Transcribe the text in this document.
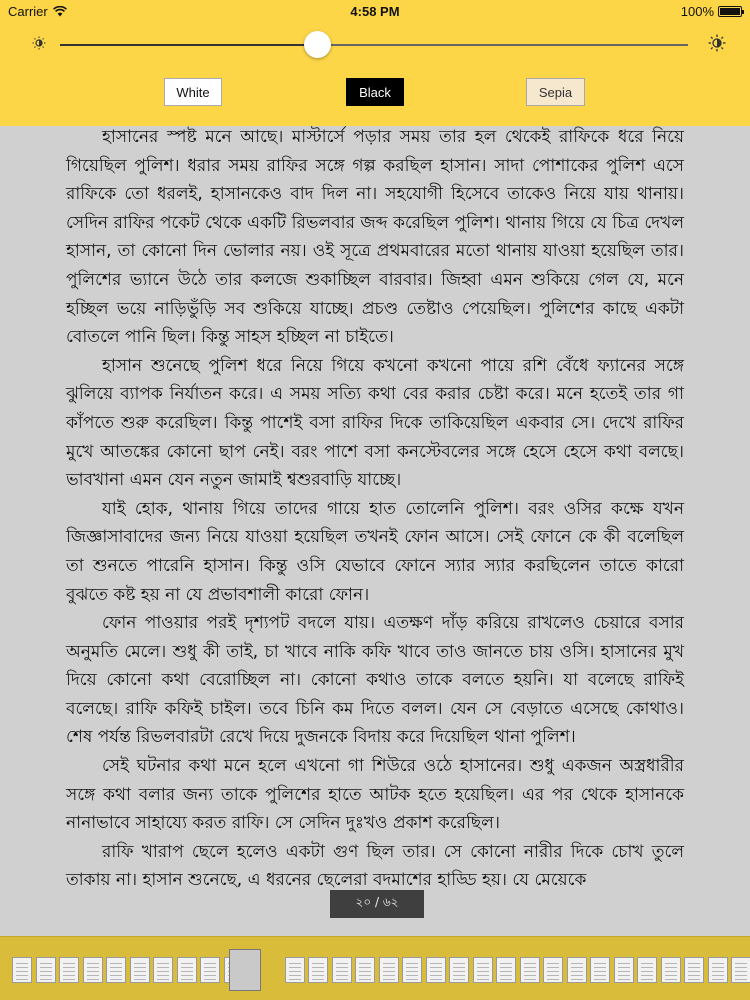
Carrier	4:58 PM	100%
White	Black	Sepia

হাসানের স্পষ্ট মনে আছে। মাস্টার্সে পড়ার সময় তার হল থেকেই রাফিকে ধরে নিয়ে গিয়েছিল পুলিশ। ধরার সময় রাফির সঙ্গে গল্প করছিল হাসান। সাদা পোশাকের পুলিশ এসে রাফিকে তো ধরলই, হাসানকেও বাদ দিল না। সহযোগী হিসেবে তাকেও নিয়ে যায় থানায়। সেদিন রাফির পকেট থেকে একটি রিভলবার জব্দ করেছিল পুলিশ। থানায় গিয়ে যে চিত্র দেখল হাসান, তা কোনো দিন ভোলার নয়। ওই সূত্রে প্রথমবারের মতো থানায় যাওয়া হয়েছিল তার। পুলিশের ভ্যানে উঠে তার কলজে শুকাচ্ছিল বারবার। জিহ্বা এমন শুকিয়ে গেল যে, মনে হচ্ছিল ভয়ে নাড়িভুঁড়ি সব শুকিয়ে যাচ্ছে। প্রচণ্ড তেষ্টাও পেয়েছিল। পুলিশের কাছে একটা বোতলে পানি ছিল। কিন্তু সাহস হচ্ছিল না চাইতে।

হাসান শুনেছে পুলিশ ধরে নিয়ে গিয়ে কখনো কখনো পায়ে রশি বেঁধে ফ্যানের সঙ্গে ঝুলিয়ে ব্যাপক নির্যাতন করে। এ সময় সত্যি কথা বের করার চেষ্টা করে। মনে হতেই তার গা কাঁপতে শুরু করেছিল। কিন্তু পাশেই বসা রাফির দিকে তাকিয়েছিল একবার সে। দেখে রাফির মুখে আতঙ্কের কোনো ছাপ নেই। বরং পাশে বসা কনস্টেবলের সঙ্গে হেসে হেসে কথা বলছে। ভাবখানা এমন যেন নতুন জামাই শ্বশুরবাড়ি যাচ্ছে।

যাই হোক, থানায় গিয়ে তাদের গায়ে হাত তোলেনি পুলিশ। বরং ওসির কক্ষে যখন জিজ্ঞাসাবাদের জন্য নিয়ে যাওয়া হয়েছিল তখনই ফোন আসে। সেই ফোনে কে কী বলেছিল তা শুনতে পারেনি হাসান। কিন্তু ওসি যেভাবে ফোনে স্যার স্যার করছিলেন তাতে কারো বুঝতে কষ্ট হয় না যে প্রভাবশালী কারো ফোন।

ফোন পাওয়ার পরই দৃশ্যপট বদলে যায়। এতক্ষণ দাঁড় করিয়ে রাখলেও চেয়ারে বসার অনুমতি মেলে। শুধু কী তাই, চা খাবে নাকি কফি খাবে তাও জানতে চায় ওসি। হাসানের মুখ দিয়ে কোনো কথা বেরোচ্ছিল না। কোনো কথাও তাকে বলতে হয়নি। যা বলেছে রাফিই বলেছে। রাফি কফিই চাইল। তবে চিনি কম দিতে বলল। যেন সে বেড়াতে এসেছে কোথাও। শেষ পর্যন্ত রিভলবারটা রেখে দিয়ে দুজনকে বিদায় করে দিয়েছিল থানা পুলিশ।

সেই ঘটনার কথা মনে হলে এখনো গা শিউরে ওঠে হাসানের। শুধু একজন অস্ত্রধারীর সঙ্গে কথা বলার জন্য তাকে পুলিশের হাতে আটক হতে হয়েছিল। এর পর থেকে হাসানকে নানাভাবে সাহায্যে করত রাফি। সে সেদিন দুঃখও প্রকাশ করেছিল।

রাফি খারাপ ছেলে হলেও একটা গুণ ছিল তার। সে কোনো নারীর দিকে চোখ তুলে তাকায় না। হাসান শুনেছে, এ ধরনের ছেলেরা বদমাশের হাড্ডি হয়। যে মেয়েকে

২০ / ৬২
